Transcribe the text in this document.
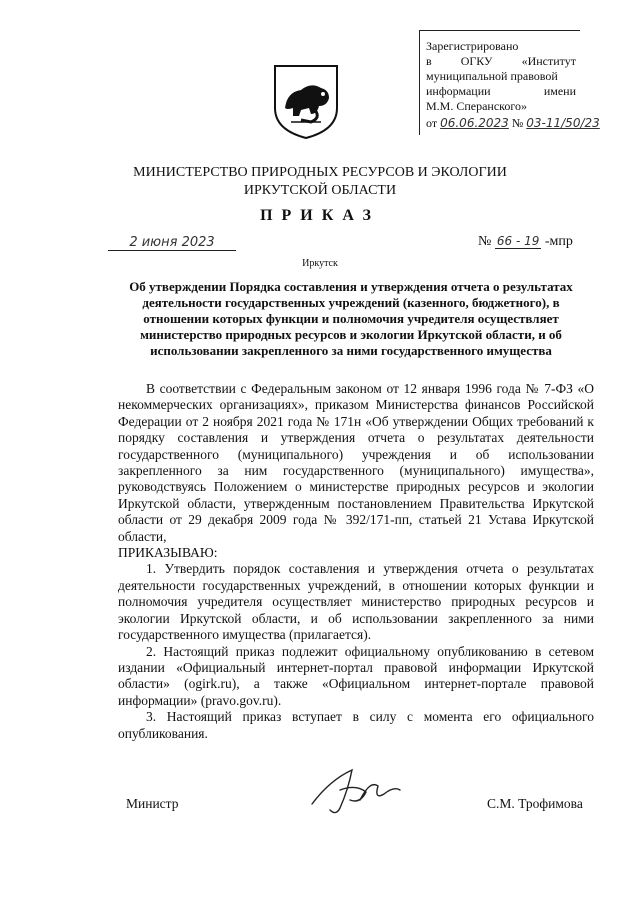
Зарегистрировано
в ОГКУ «Институт
муниципальной правовой
информации	имени
М.М. Сперанского»
от 06.06.2023 № 03-11/50/23
МИНИСТЕРСТВО ПРИРОДНЫХ РЕСУРСОВ И ЭКОЛОГИИ
ИРКУТСКОЙ ОБЛАСТИ
ПРИКАЗ
2 июня 2023	№ 66 - 19 -мпр
Иркутск
Об утверждении Порядка составления и утверждения отчета о результатах деятельности государственных учреждений (казенного, бюджетного), в отношении которых функции и полномочия учредителя осуществляет министерство природных ресурсов и экологии Иркутской области, и об использовании закрепленного за ними государственного имущества

В соответствии с Федеральным законом от 12 января 1996 года № 7-ФЗ «О некоммерческих организациях», приказом Министерства финансов Российской Федерации от 2 ноября 2021 года № 171н «Об утверждении Общих требований к порядку составления и утверждения отчета о результатах деятельности государственного (муниципального) учреждения и об использовании закрепленного за ним государственного (муниципального) имущества», руководствуясь Положением о министерстве природных ресурсов и экологии Иркутской области, утвержденным постановлением Правительства Иркутской области от 29 декабря 2009 года № 392/171-пп, статьей 21 Устава Иркутской области,

ПРИКАЗЫВАЮ:

1. Утвердить порядок составления и утверждения отчета о результатах деятельности государственных учреждений, в отношении которых функции и полномочия учредителя осуществляет министерство природных ресурсов и экологии Иркутской области, и об использовании закрепленного за ними государственного имущества (прилагается).

2. Настоящий приказ подлежит официальному опубликованию в сетевом издании «Официальный интернет-портал правовой информации Иркутской области» (ogirk.ru), а также «Официальном интернет-портале правовой информации» (pravo.gov.ru).

3. Настоящий приказ вступает в силу с момента его официального опубликования.

Министр	С.М. Трофимова
